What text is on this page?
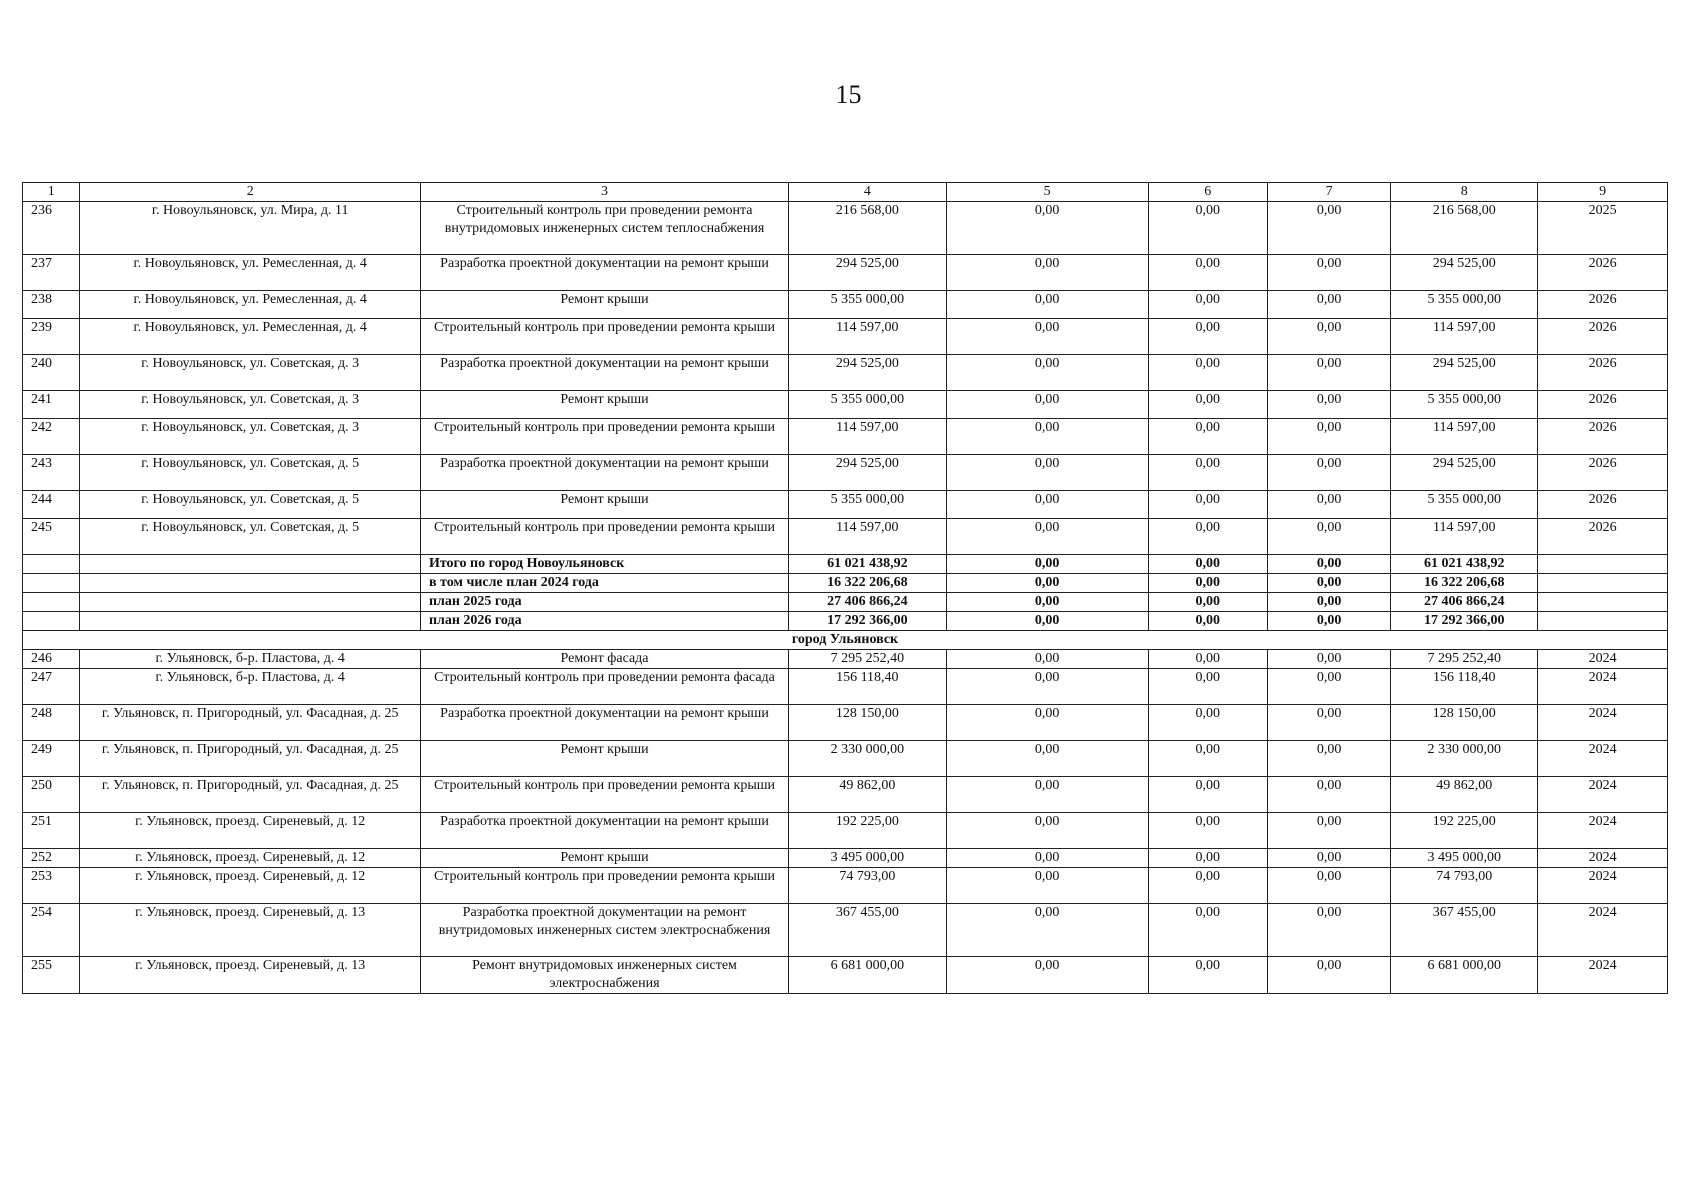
15
1	2	3	4	5	6	7	8	9
236	г. Новоульяновск, ул. Мира, д. 11	Строительный контроль при проведении ремонта внутридомовых инженерных систем теплоснабжения	216 568,00	0,00	0,00	0,00	216 568,00	2025
237	г. Новоульяновск, ул. Ремесленная, д. 4	Разработка проектной документации на ремонт крыши	294 525,00	0,00	0,00	0,00	294 525,00	2026
238	г. Новоульяновск, ул. Ремесленная, д. 4	Ремонт крыши	5 355 000,00	0,00	0,00	0,00	5 355 000,00	2026
239	г. Новоульяновск, ул. Ремесленная, д. 4	Строительный контроль при проведении ремонта крыши	114 597,00	0,00	0,00	0,00	114 597,00	2026
240	г. Новоульяновск, ул. Советская, д. 3	Разработка проектной документации на ремонт крыши	294 525,00	0,00	0,00	0,00	294 525,00	2026
241	г. Новоульяновск, ул. Советская, д. 3	Ремонт крыши	5 355 000,00	0,00	0,00	0,00	5 355 000,00	2026
242	г. Новоульяновск, ул. Советская, д. 3	Строительный контроль при проведении ремонта крыши	114 597,00	0,00	0,00	0,00	114 597,00	2026
243	г. Новоульяновск, ул. Советская, д. 5	Разработка проектной документации на ремонт крыши	294 525,00	0,00	0,00	0,00	294 525,00	2026
244	г. Новоульяновск, ул. Советская, д. 5	Ремонт крыши	5 355 000,00	0,00	0,00	0,00	5 355 000,00	2026
245	г. Новоульяновск, ул. Советская, д. 5	Строительный контроль при проведении ремонта крыши	114 597,00	0,00	0,00	0,00	114 597,00	2026
		Итого по город Новоульяновск	61 021 438,92	0,00	0,00	0,00	61 021 438,92	
		в том числе план 2024 года	16 322 206,68	0,00	0,00	0,00	16 322 206,68	
		план 2025 года	27 406 866,24	0,00	0,00	0,00	27 406 866,24	
		план 2026 года	17 292 366,00	0,00	0,00	0,00	17 292 366,00	
город Ульяновск								
246	г. Ульяновск, б-р. Пластова, д. 4	Ремонт фасада	7 295 252,40	0,00	0,00	0,00	7 295 252,40	2024
247	г. Ульяновск, б-р. Пластова, д. 4	Строительный контроль при проведении ремонта фасада	156 118,40	0,00	0,00	0,00	156 118,40	2024
248	г. Ульяновск, п. Пригородный, ул. Фасадная, д. 25	Разработка проектной документации на ремонт крыши	128 150,00	0,00	0,00	0,00	128 150,00	2024
249	г. Ульяновск, п. Пригородный, ул. Фасадная, д. 25	Ремонт крыши	2 330 000,00	0,00	0,00	0,00	2 330 000,00	2024
250	г. Ульяновск, п. Пригородный, ул. Фасадная, д. 25	Строительный контроль при проведении ремонта крыши	49 862,00	0,00	0,00	0,00	49 862,00	2024
251	г. Ульяновск, проезд. Сиреневый, д. 12	Разработка проектной документации на ремонт крыши	192 225,00	0,00	0,00	0,00	192 225,00	2024
252	г. Ульяновск, проезд. Сиреневый, д. 12	Ремонт крыши	3 495 000,00	0,00	0,00	0,00	3 495 000,00	2024
253	г. Ульяновск, проезд. Сиреневый, д. 12	Строительный контроль при проведении ремонта крыши	74 793,00	0,00	0,00	0,00	74 793,00	2024
254	г. Ульяновск, проезд. Сиреневый, д. 13	Разработка проектной документации на ремонт внутридомовых инженерных систем электроснабжения	367 455,00	0,00	0,00	0,00	367 455,00	2024
255	г. Ульяновск, проезд. Сиреневый, д. 13	Ремонт внутридомовых инженерных систем электроснабжения	6 681 000,00	0,00	0,00	0,00	6 681 000,00	2024
